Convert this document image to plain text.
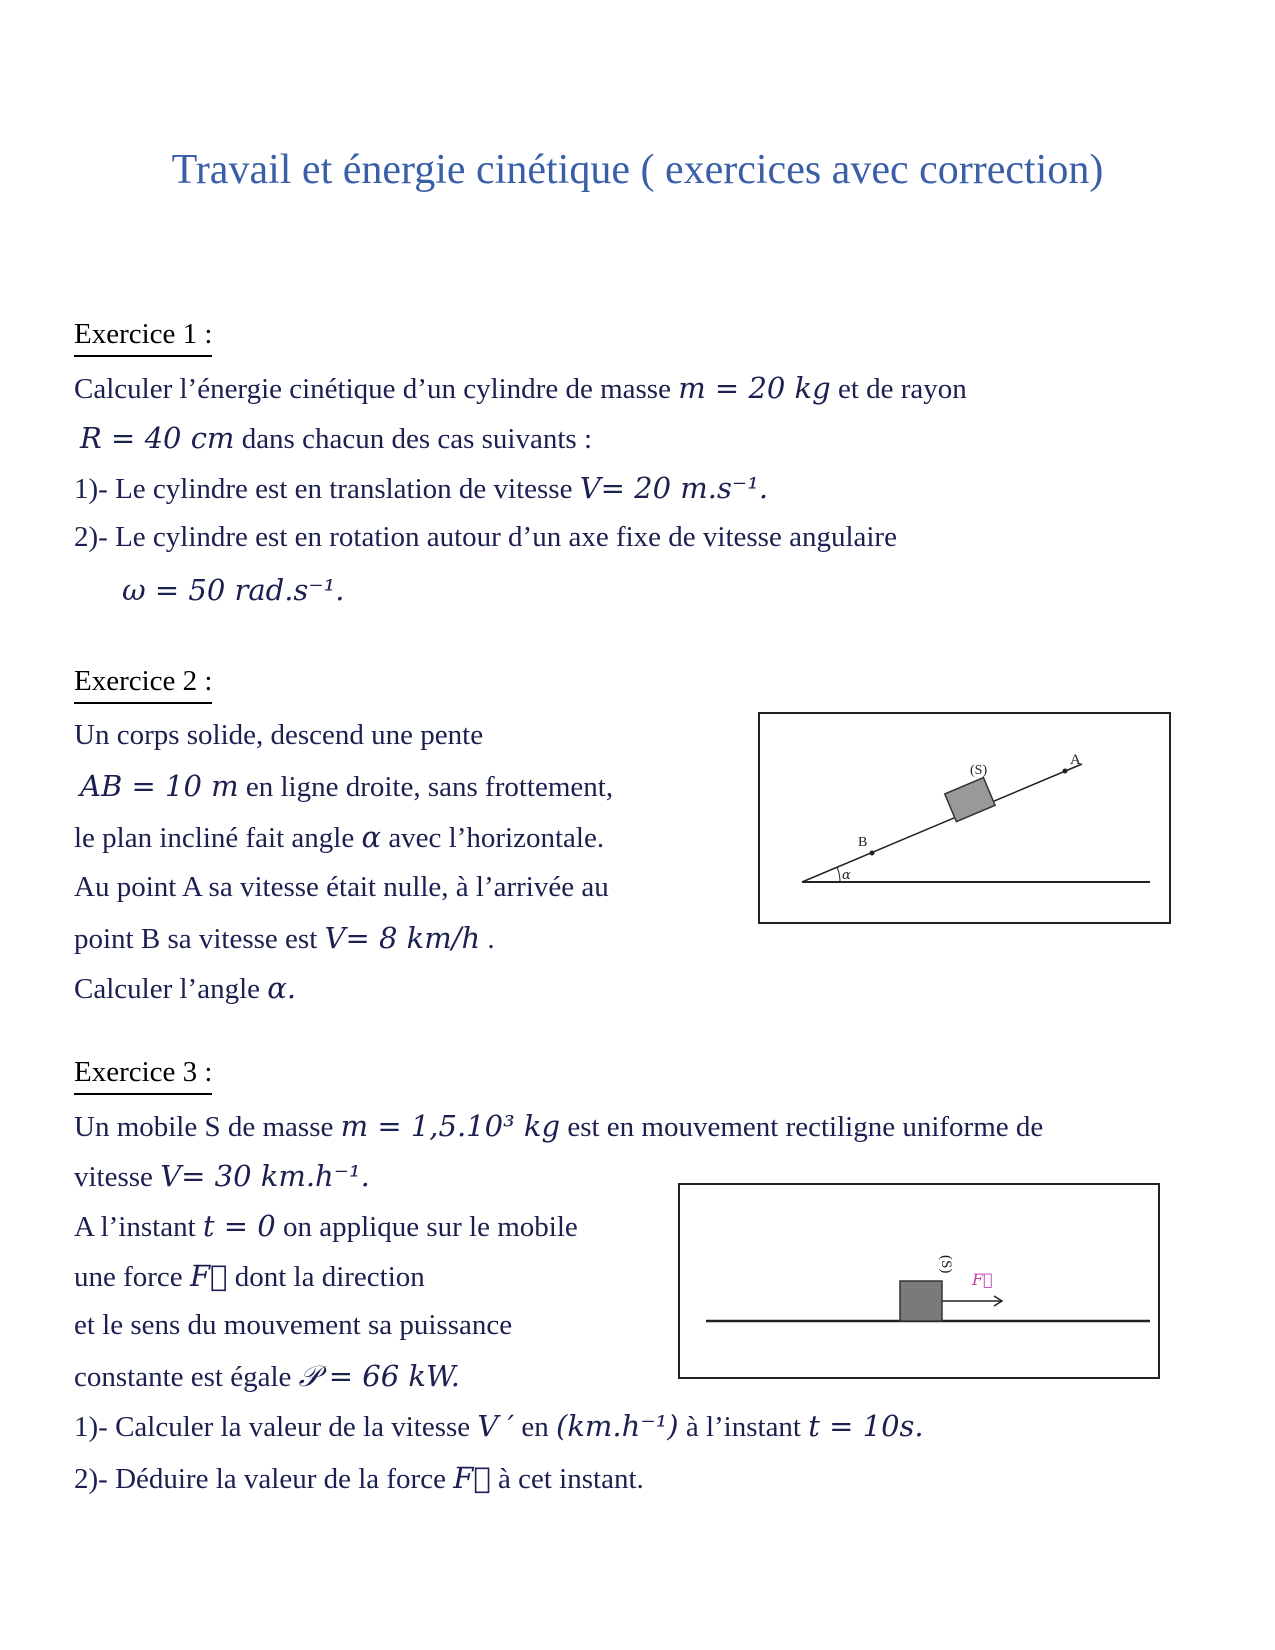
Travail et énergie cinétique ( exercices avec correction)
Exercice 1 :
Calculer l’énergie cinétique d’un cylindre de masse m = 20 kg et de rayon
R = 40 cm dans chacun des cas suivants :
1)- Le cylindre est en translation de vitesse V= 20 m.s⁻¹.
2)- Le cylindre est en rotation autour d’un axe fixe de vitesse angulaire
ω = 50 rad.s⁻¹.
Exercice 2 :
Un corps solide, descend une pente
AB = 10 m en ligne droite, sans frottement,
le plan incliné fait angle α avec l’horizontale.
Au point A sa vitesse était nulle, à l’arrivée au
point B sa vitesse est V= 8 km/h .
Calculer l’angle α.
(S)
A
B
α
Exercice 3 :
Un mobile S de masse m = 1,5.10³ kg est en mouvement rectiligne uniforme de
vitesse V= 30 km.h⁻¹.
A l’instant t = 0 on applique sur le mobile
une force F⃗ dont la direction
et le sens du mouvement sa puissance
constante est égale 𝒫 = 66 kW.
1)- Calculer la valeur de la vitesse V ′ en (km.h⁻¹) à l’instant t = 10s.
2)- Déduire la valeur de la force F⃗ à cet instant.
(S)
F⃗
